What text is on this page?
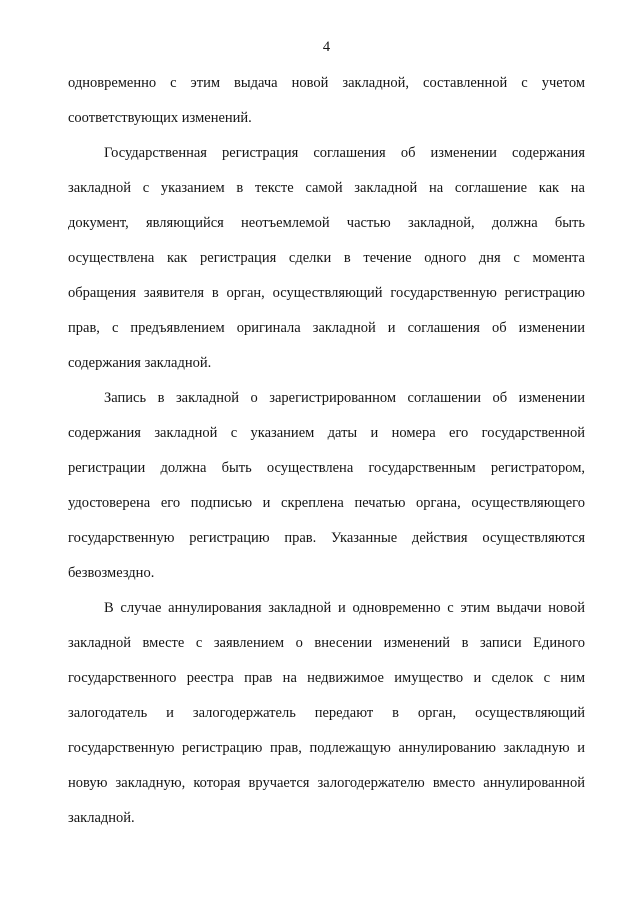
4
одновременно с этим выдача новой закладной, составленной с учетом
соответствующих изменений.
Государственная регистрация соглашения об изменении содержания
закладной с указанием в тексте самой закладной на соглашение как на
документ, являющийся неотъемлемой частью закладной, должна быть
осуществлена как регистрация сделки в течение одного дня с момента
обращения заявителя в орган, осуществляющий государственную регистрацию
прав, с предъявлением оригинала закладной и соглашения об изменении
содержания закладной.
Запись в закладной о зарегистрированном соглашении об изменении
содержания закладной с указанием даты и номера его государственной
регистрации должна быть осуществлена государственным регистратором,
удостоверена его подписью и скреплена печатью органа, осуществляющего
государственную регистрацию прав. Указанные действия осуществляются
безвозмездно.
В случае аннулирования закладной и одновременно с этим выдачи новой
закладной вместе с заявлением о внесении изменений в записи Единого
государственного реестра прав на недвижимое имущество и сделок с ним
залогодатель и залогодержатель передают в орган, осуществляющий
государственную регистрацию прав, подлежащую аннулированию закладную и
новую закладную, которая вручается залогодержателю вместо аннулированной
закладной.
